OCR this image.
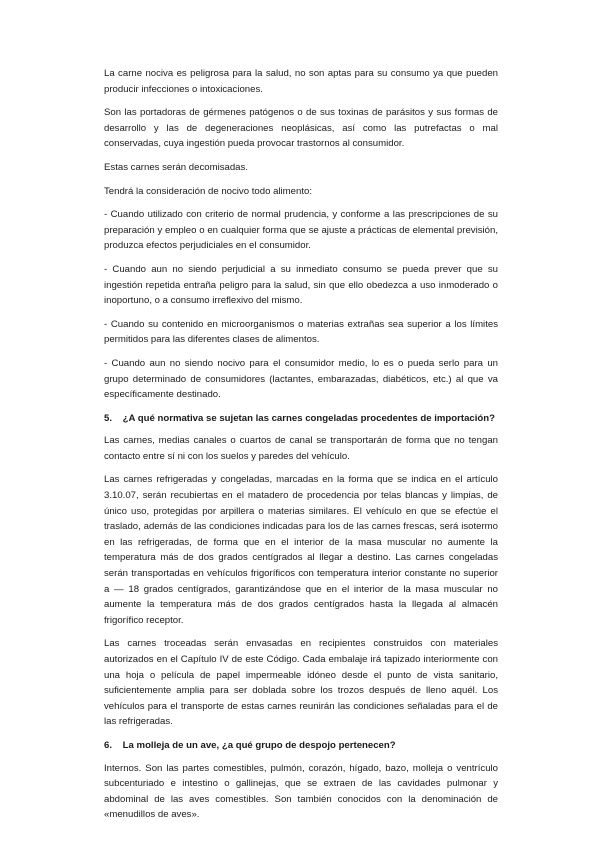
La carne nociva es peligrosa para la salud, no son aptas para su consumo ya que pueden producir infecciones o intoxicaciones.

Son las portadoras de gérmenes patógenos o de sus toxinas de parásitos y sus formas de desarrollo y las de degeneraciones neoplásicas, así como las putrefactas o mal conservadas, cuya ingestión pueda provocar trastornos al consumidor.

Estas carnes serán decomisadas.

Tendrá la consideración de nocivo todo alimento:

- Cuando utilizado con criterio de normal prudencia, y conforme a las prescripciones de su preparación y empleo o en cualquier forma que se ajuste a prácticas de elemental previsión, produzca efectos perjudiciales en el consumidor.

- Cuando aun no siendo perjudicial a su inmediato consumo se pueda prever que su ingestión repetida entraña peligro para la salud, sin que ello obedezca a uso inmoderado o inoportuno, o a consumo irreflexivo del mismo.

- Cuando su contenido en microorganismos o materias extrañas sea superior a los límites permitidos para las diferentes clases de alimentos.

- Cuando aun no siendo nocivo para el consumidor medio, lo es o pueda serlo para un grupo determinado de consumidores (lactantes, embarazadas, diabéticos, etc.) al que va específicamente destinado.

5. ¿A qué normativa se sujetan las carnes congeladas procedentes de importación?

Las carnes, medias canales o cuartos de canal se transportarán de forma que no tengan contacto entre sí ni con los suelos y paredes del vehículo.

Las carnes refrigeradas y congeladas, marcadas en la forma que se indica en el artículo 3.10.07, serán recubiertas en el matadero de procedencia por telas blancas y limpias, de único uso, protegidas por arpillera o materias similares. El vehículo en que se efectúe el traslado, además de las condiciones indicadas para los de las carnes frescas, será isotermo en las refrigeradas, de forma que en el interior de la masa muscular no aumente la temperatura más de dos grados centígrados al llegar a destino. Las carnes congeladas serán transportadas en vehículos frigoríficos con temperatura interior constante no superior a — 18 grados centígrados, garantizándose que en el interior de la masa muscular no aumente la temperatura más de dos grados centígrados hasta la llegada al almacén frigorífico receptor.

Las carnes troceadas serán envasadas en recipientes construidos con materiales autorizados en el Capítulo IV de este Código. Cada embalaje irá tapizado interiormente con una hoja o película de papel impermeable idóneo desde el punto de vista sanitario, suficientemente amplia para ser doblada sobre los trozos después de lleno aquél. Los vehículos para el transporte de estas carnes reunirán las condiciones señaladas para el de las refrigeradas.

6. La molleja de un ave, ¿a qué grupo de despojo pertenecen?

Internos. Son las partes comestibles, pulmón, corazón, hígado, bazo, molleja o ventrículo subcenturiado e intestino o gallinejas, que se extraen de las cavidades pulmonar y abdominal de las aves comestibles. Son también conocidos con la denominación de «menudillos de aves».
